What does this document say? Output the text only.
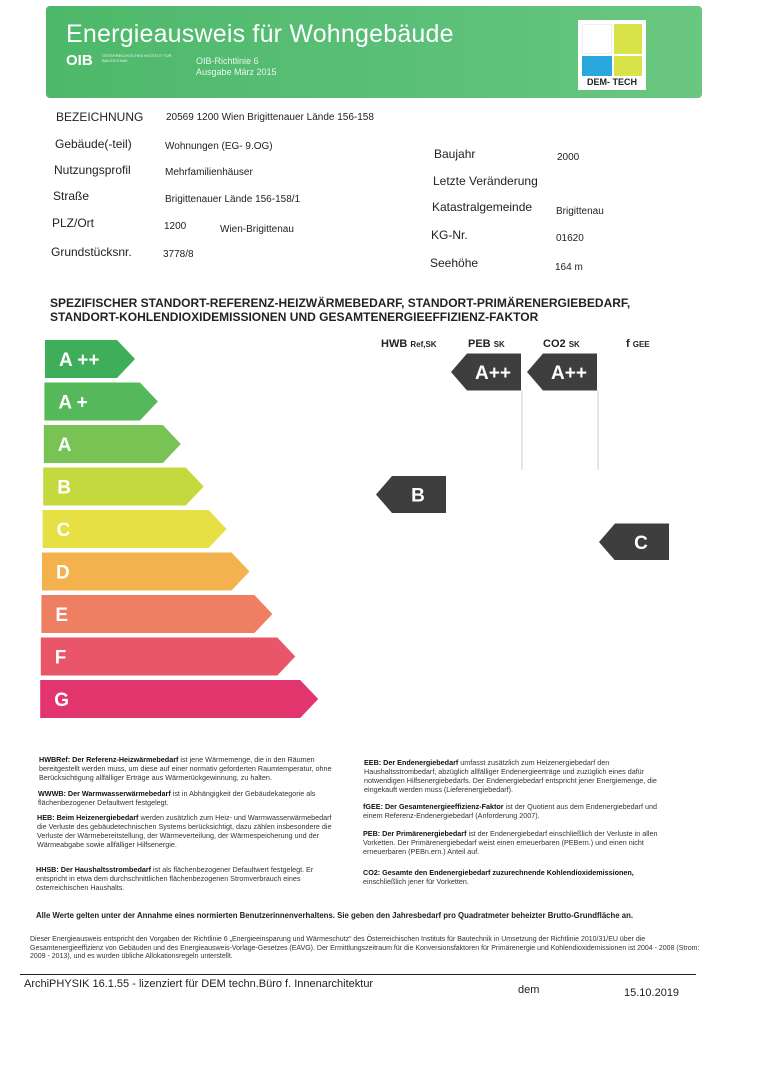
Energieausweis für Wohngebäude
OIB ÖSTERREICHISCHES INSTITUT FÜR BAUTECHNIK	OIB-Richtlinie 6
Ausgabe März 2015
DEM- TECH
BEZEICHNUNG 20569 1200 Wien Brigittenauer Lände 156-158
Gebäude(-teil)	Wohnungen (EG- 9.OG)
Nutzungsprofil	Mehrfamilienhäuser
Straße	Brigittenauer Lände 156-158/1
PLZ/Ort	1200	Wien-Brigittenau
Grundstücksnr.	3778/8
Baujahr	2000
Letzte Veränderung
Katastralgemeinde Brigittenau
KG-Nr.	01620
Seehöhe	164 m
SPEZIFISCHER STANDORT-REFERENZ-HEIZWÄRMEBEDARF, STANDORT-PRIMÄRENERGIEBEDARF, STANDORT-KOHLENDIOXIDEMISSIONEN UND GESAMTENERGIEEFFIZIENZ-FAKTOR
HWB Ref,SK	PEB SK	CO2 SK	f GEE
A ++
A +
A
B
C
D
E
F
G
B
A++ A++
C
HWBRef: Der Referenz-Heizwärmebedarf ist jene Wärmemenge, die in den Räumen bereitgestellt werden muss, um diese auf einer normativ geforderten Raumtemperatur, ohne Berücksichtigung allfälliger Erträge aus Wärmerückgewinnung, zu halten.
WWWB: Der Warmwasserwärmebedarf ist in Abhängigkeit der Gebäudekategorie als flächenbezogener Defaultwert festgelegt.
HEB: Beim Heizenergiebedarf werden zusätzlich zum Heiz- und Warmwasserwärmebedarf die Verluste des gebäudetechnischen Systems berücksichtigt, dazu zählen insbesondere die Verluste der Wärmebereitstellung, der Wärmeverteilung, der Wärmespeicherung und der Wärmeabgabe sowie allfälliger Hilfsenergie.
HHSB: Der Haushaltsstrombedarf ist als flächenbezogener Defaultwert festgelegt. Er entspricht in etwa dem durchschnittlichen flächenbezogenen Stromverbrauch eines österreichischen Haushalts.
EEB: Der Endenergiebedarf umfasst zusätzlich zum Heizenergiebedarf den Haushaltsstrombedarf, abzüglich allfälliger Endenergieerträge und zuzüglich eines dafür notwendigen Hilfsenergiebedarfs. Der Endenergiebedarf entspricht jener Energiemenge, die eingekauft werden muss (Lieferenergiebedarf).
fGEE: Der Gesamtenergieeffizienz-Faktor ist der Quotient aus dem Endenergiebedarf und einem Referenz-Endenergiebedarf (Anforderung 2007).
PEB: Der Primärenergiebedarf ist der Endenergiebedarf einschließlich der Verluste in allen Vorketten. Der Primärenergiebedarf weist einen erneuerbaren (PEBern.) und einen nicht erneuerbaren (PEBn.ern.) Anteil auf.
CO2: Gesamte den Endenergiebedarf zuzurechnende Kohlendioxidemissionen, einschließlich jener für Vorketten.
Alle Werte gelten unter der Annahme eines normierten Benutzerinnenverhaltens. Sie geben den Jahresbedarf pro Quadratmeter beheizter Brutto-Grundfläche an.
Dieser Energieausweis entspricht den Vorgaben der Richtlinie 6 „Energieeinsparung und Wärmeschutz“ des Österreichischen Instituts für Bautechnik in Umsetzung der Richtlinie 2010/31/EU über die Gesamtenergieeffizienz von Gebäuden und des Energieausweis-Vorlage-Gesetzes (EAVG). Der Ermittlungszeitraum für die Konversionsfaktoren für Primärenergie und Kohlendioxidemissionen ist 2004 - 2008 (Strom: 2009 - 2013), und es wurden übliche Allokationsregeln unterstellt.
ArchiPHYSIK 16.1.55 - lizenziert für DEM techn.Büro f. Innenarchitektur	dem	15.10.2019
